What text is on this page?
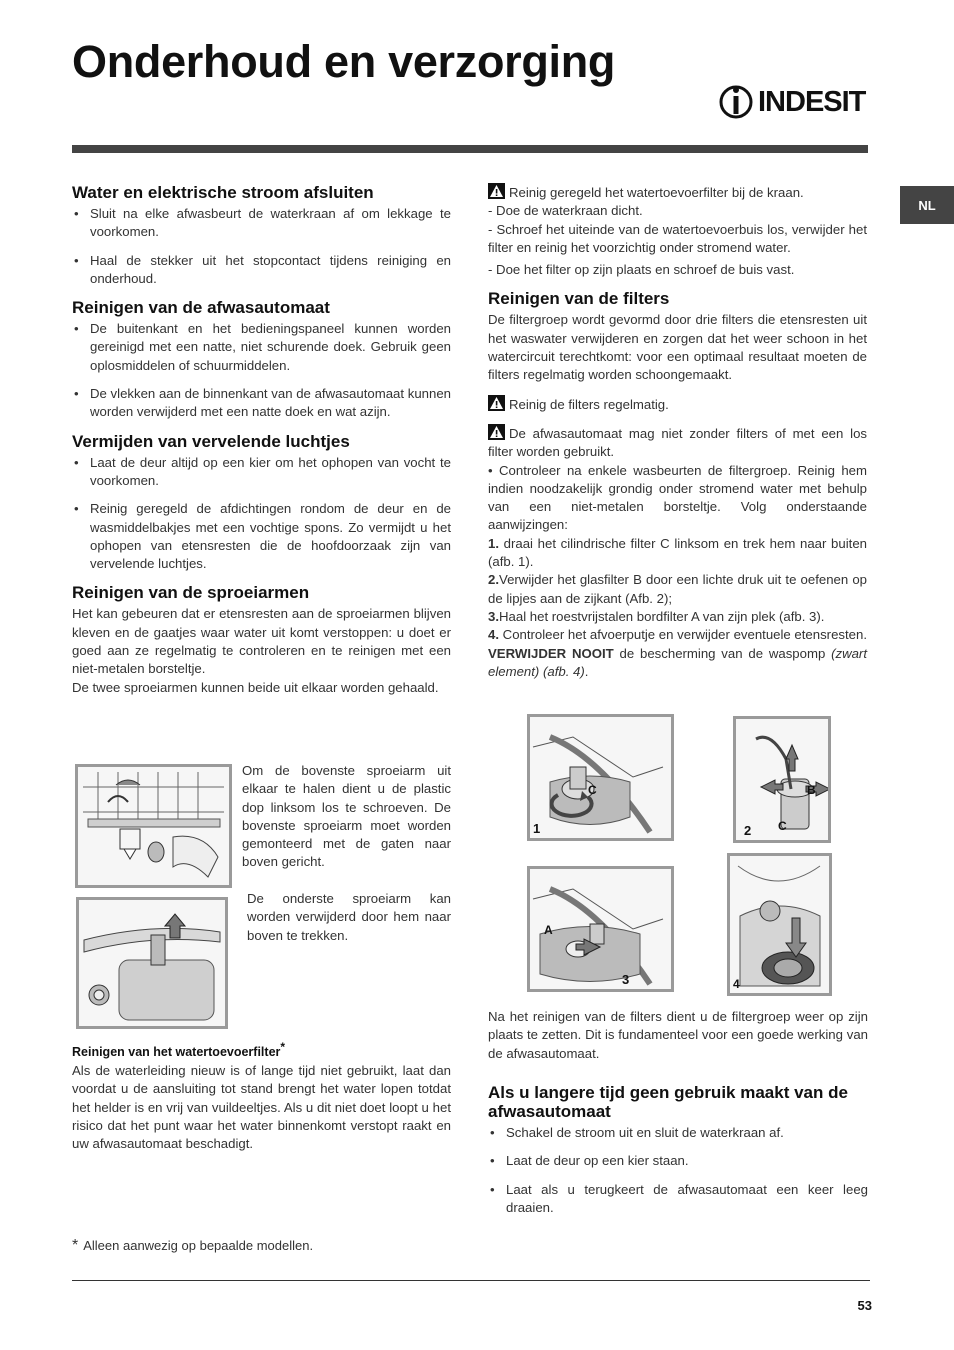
Onderhoud en verzorging
INDESIT
NL
Water en elektrische stroom afsluiten
• Sluit na elke afwasbeurt de waterkraan af om lekkage te voorkomen.
• Haal de stekker uit het stopcontact tijdens reiniging en onderhoud.
Reinigen van de afwasautomaat
• De buitenkant en het bedieningspaneel kunnen worden gereinigd met een natte, niet schurende doek. Gebruik geen oplosmiddelen of schuurmiddelen.
• De vlekken aan de binnenkant van de afwasautomaat kunnen worden verwijderd met een natte doek en wat azijn.
Vermijden van vervelende luchtjes
• Laat de deur altijd op een kier om het ophopen van vocht te voorkomen.
• Reinig geregeld de afdichtingen rondom de deur en de wasmiddelbakjes met een vochtige spons. Zo vermijdt u het ophopen van etensresten die de hoofdoorzaak zijn van vervelende luchtjes.
Reinigen van de sproeiarmen

Het kan gebeuren dat er etensresten aan de sproeiarmen blijven kleven en de gaatjes waar water uit komt verstoppen: u doet er goed aan ze regelmatig te controleren en te reinigen met een niet-metalen borsteltje.

De twee sproeiarmen kunnen beide uit elkaar worden gehaald.

Om de bovenste sproeiarm uit elkaar te halen dient u de plastic dop linksom los te schroeven. De bovenste sproeiarm moet worden gemonteerd met de gaten naar boven gericht.
De onderste sproeiarm kan worden verwijderd door hem naar boven te trekken.
Reinigen van het watertoevoerfilter*

Als de waterleiding nieuw is of lange tijd niet gebruikt, laat dan voordat u de aansluiting tot stand brengt het water lopen totdat het helder is en vrij van vuildeeltjes. Als u dit niet doet loopt u het risico dat het punt waar het water binnenkomt verstopt raakt en uw afwasautomaat beschadigt.

Reinig geregeld het watertoevoerfilter bij de kraan.

- Doe de waterkraan dicht.

- Schroef het uiteinde van de watertoevoerbuis los, verwijder het filter en reinig het voorzichtig onder stromend water.

- Doe het filter op zijn plaats en schroef de buis vast.

Reinigen van de filters

De filtergroep wordt gevormd door drie filters die etensresten uit het waswater verwijderen en zorgen dat het weer schoon in het watercircuit terechtkomt: voor een optimaal resultaat moeten de filters regelmatig worden schoongemaakt.

Reinig de filters regelmatig.

De afwasautomaat mag niet zonder filters of met een los filter worden gebruikt.

• Controleer na enkele wasbeurten de filtergroep. Reinig hem indien noodzakelijk grondig onder stromend water met behulp van een niet-metalen borsteltje. Volg onderstaande aanwijzingen:

1. draai het cilindrische filter C linksom en trek hem naar buiten (afb. 1).

2.Verwijder het glasfilter B door een lichte druk uit te oefenen op de lipjes aan de zijkant (Afb. 2);

3.Haal het roestvrijstalen bordfilter A van zijn plek (afb. 3).

4. Controleer het afvoerputje en verwijder eventuele etensresten. VERWIJDER NOOIT de bescherming van de waspomp (zwart element) (afb. 4).

1
C
2
B
C
3
A
4

Na het reinigen van de filters dient u de filtergroep weer op zijn plaats te zetten. Dit is fundamenteel voor een goede werking van de afwasautomaat.

Als u langere tijd geen gebruik maakt van de afwasautomaat
• Schakel de stroom uit en sluit de waterkraan af.
• Laat de deur op een kier staan.
• Laat als u terugkeert de afwasautomaat een keer leeg draaien.
* Alleen aanwezig op bepaalde modellen.
53
